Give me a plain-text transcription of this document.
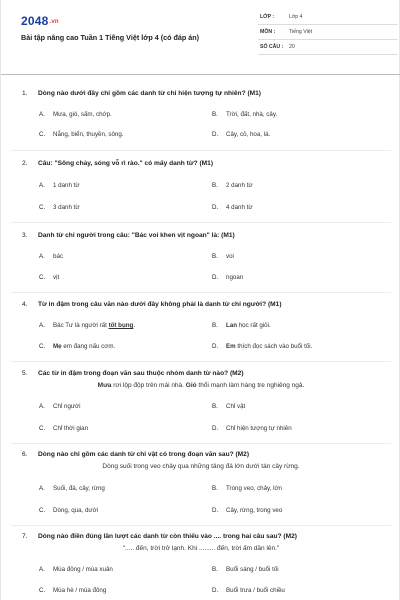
2048.vn
Bài tập nâng cao Tuần 1 Tiếng Việt lớp 4 (có đáp án)
LỚP :	Lớp 4
MÔN :	Tiếng Việt
SỐ CÂU :	20
1. Dòng nào dưới đây chỉ gồm các danh từ chỉ hiện tượng tự nhiên? (M1)
A. Mưa, gió, sấm, chớp.	B. Trời, đất, nhà, cây.
C. Nắng, biển, thuyền, sông.	D. Cây, cỏ, hoa, lá.
2. Câu: "Sông chảy, sóng vỗ rì rào." có mấy danh từ? (M1)
A. 1 danh từ	B. 2 danh từ
C. 3 danh từ	D. 4 danh từ
3. Danh từ chỉ người trong câu: "Bác voi khen vịt ngoan" là: (M1)
A. bác	B. voi
C. vịt	D. ngoan
4. Từ in đậm trong câu văn nào dưới đây không phải là danh từ chỉ người? (M1)
A. Bác Tư là người rất tốt bụng.	B. Lan học rất giỏi.
C. Mẹ em đang nấu cơm.	D. Em thích đọc sách vào buổi tối.
5. Các từ in đậm trong đoạn văn sau thuộc nhóm danh từ nào? (M2)
Mưa rơi lộp độp trên mái nhà. Gió thổi mạnh làm hàng tre nghiêng ngả.
A. Chỉ người	B. Chỉ vật
C. Chỉ thời gian	D. Chỉ hiện tượng tự nhiên
6. Dòng nào chỉ gồm các danh từ chỉ vật có trong đoạn văn sau? (M2)
Dòng suối trong veo chảy qua những tảng đá lớn dưới tán cây rừng.
A. Suối, đá, cây, rừng	B. Trong veo, chảy, lớn
C. Dòng, qua, dưới	D. Cây, rừng, trong veo
7. Dòng nào điền đúng lần lượt các danh từ còn thiếu vào .... trong hai câu sau? (M2)
"..... đến, trời trở lạnh. Khi ......... đến, trời ấm dần lên."
A. Mùa đông / mùa xuân	B. Buổi sáng / buổi tối
C. Mùa hè / mùa đông	D. Buổi trưa / buổi chiều
